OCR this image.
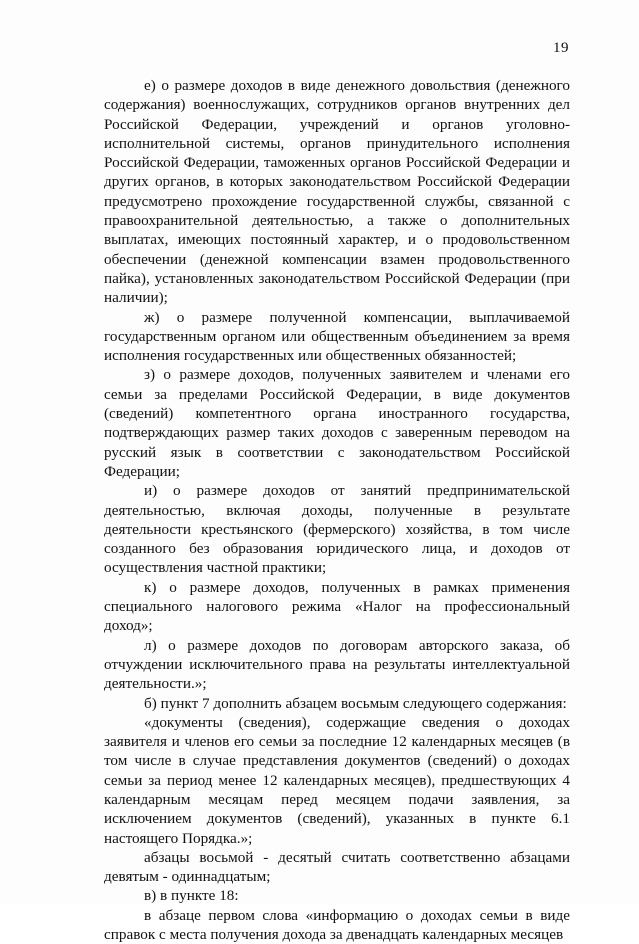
19

е) о размере доходов в виде денежного довольствия (денежного содержания) военнослужащих, сотрудников органов внутренних дел Российской Федерации, учреждений и органов уголовно-исполнительной системы, органов принудительного исполнения Российской Федерации, таможенных органов Российской Федерации и других органов, в которых законодательством Российской Федерации предусмотрено прохождение государственной службы, связанной с правоохранительной деятельностью, а также о дополнительных выплатах, имеющих постоянный характер, и о продовольственном обеспечении (денежной компенсации взамен продовольственного пайка), установленных законодательством Российской Федерации (при наличии);

ж) о размере полученной компенсации, выплачиваемой государственным органом или общественным объединением за время исполнения государственных или общественных обязанностей;

з) о размере доходов, полученных заявителем и членами его семьи за пределами Российской Федерации, в виде документов (сведений) компетентного органа иностранного государства, подтверждающих размер таких доходов с заверенным переводом на русский язык в соответствии с законодательством Российской Федерации;

и) о размере доходов от занятий предпринимательской деятельностью, включая доходы, полученные в результате деятельности крестьянского (фермерского) хозяйства, в том числе созданного без образования юридического лица, и доходов от осуществления частной практики;

к) о размере доходов, полученных в рамках применения специального налогового режима «Налог на профессиональный доход»;

л) о размере доходов по договорам авторского заказа, об отчуждении исключительного права на результаты интеллектуальной деятельности.»;

б) пункт 7 дополнить абзацем восьмым следующего содержания:

«документы (сведения), содержащие сведения о доходах заявителя и членов его семьи за последние 12 календарных месяцев (в том числе в случае представления документов (сведений) о доходах семьи за период менее 12 календарных месяцев), предшествующих 4 календарным месяцам перед месяцем подачи заявления, за исключением документов (сведений), указанных в пункте 6.1 настоящего Порядка.»;

абзацы восьмой - десятый считать соответственно абзацами девятым - одиннадцатым;

в) в пункте 18:

в абзаце первом слова «информацию о доходах семьи в виде справок с места получения дохода за двенадцать календарных месяцев
